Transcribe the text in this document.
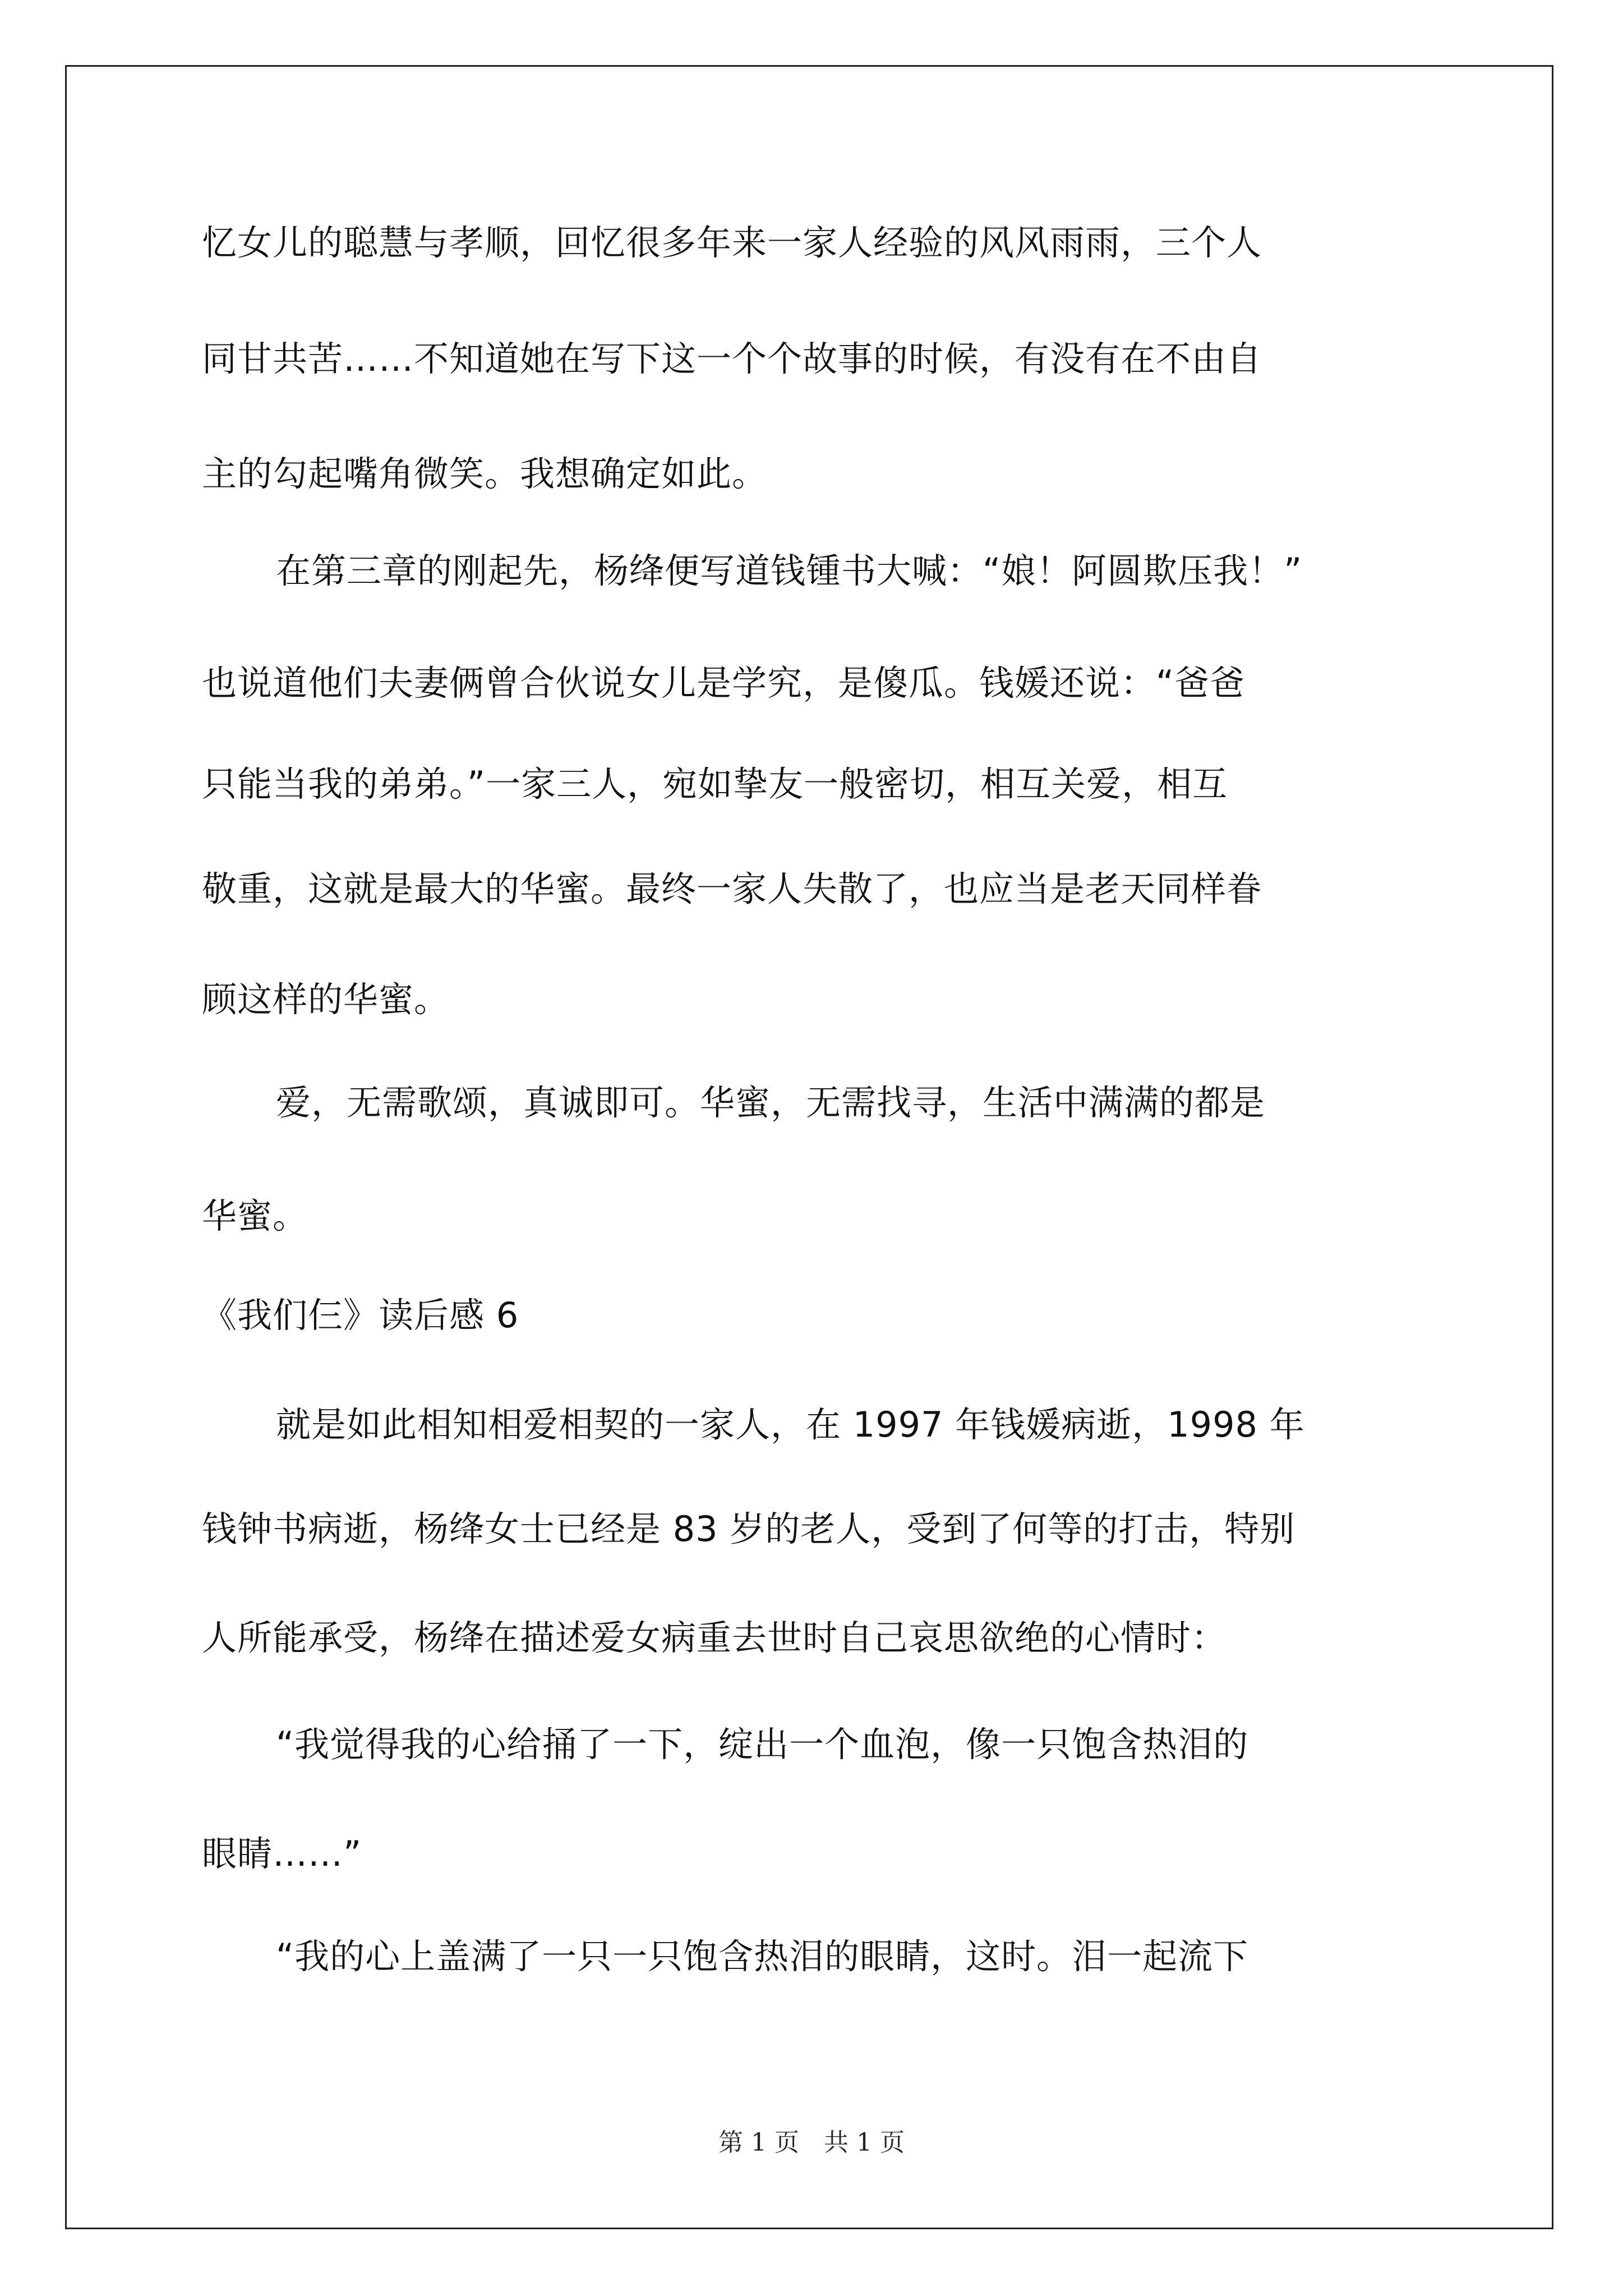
忆女儿的聪慧与孝顺，回忆很多年来一家人经验的风风雨雨，三个人
同甘共苦……不知道她在写下这一个个故事的时候，有没有在不由自
主的勾起嘴角微笑。我想确定如此。
在第三章的刚起先，杨绛便写道钱锺书大喊：“娘！阿圆欺压我！”
也说道他们夫妻俩曾合伙说女儿是学究，是傻瓜。钱媛还说：“爸爸
只能当我的弟弟。”一家三人，宛如挚友一般密切，相互关爱，相互
敬重，这就是最大的华蜜。最终一家人失散了，也应当是老天同样眷
顾这样的华蜜。
爱，无需歌颂，真诚即可。华蜜，无需找寻，生活中满满的都是
华蜜。
《我们仨》读后感 6
就是如此相知相爱相契的一家人，在 1997 年钱媛病逝，1998 年
钱钟书病逝，杨绛女士已经是 83 岁的老人，受到了何等的打击，特别
人所能承受，杨绛在描述爱女病重去世时自己哀思欲绝的心情时：
“我觉得我的心给捅了一下，绽出一个血泡，像一只饱含热泪的
眼睛……”
“我的心上盖满了一只一只饱含热泪的眼睛，这时。泪一起流下
第 1 页　共 1 页
